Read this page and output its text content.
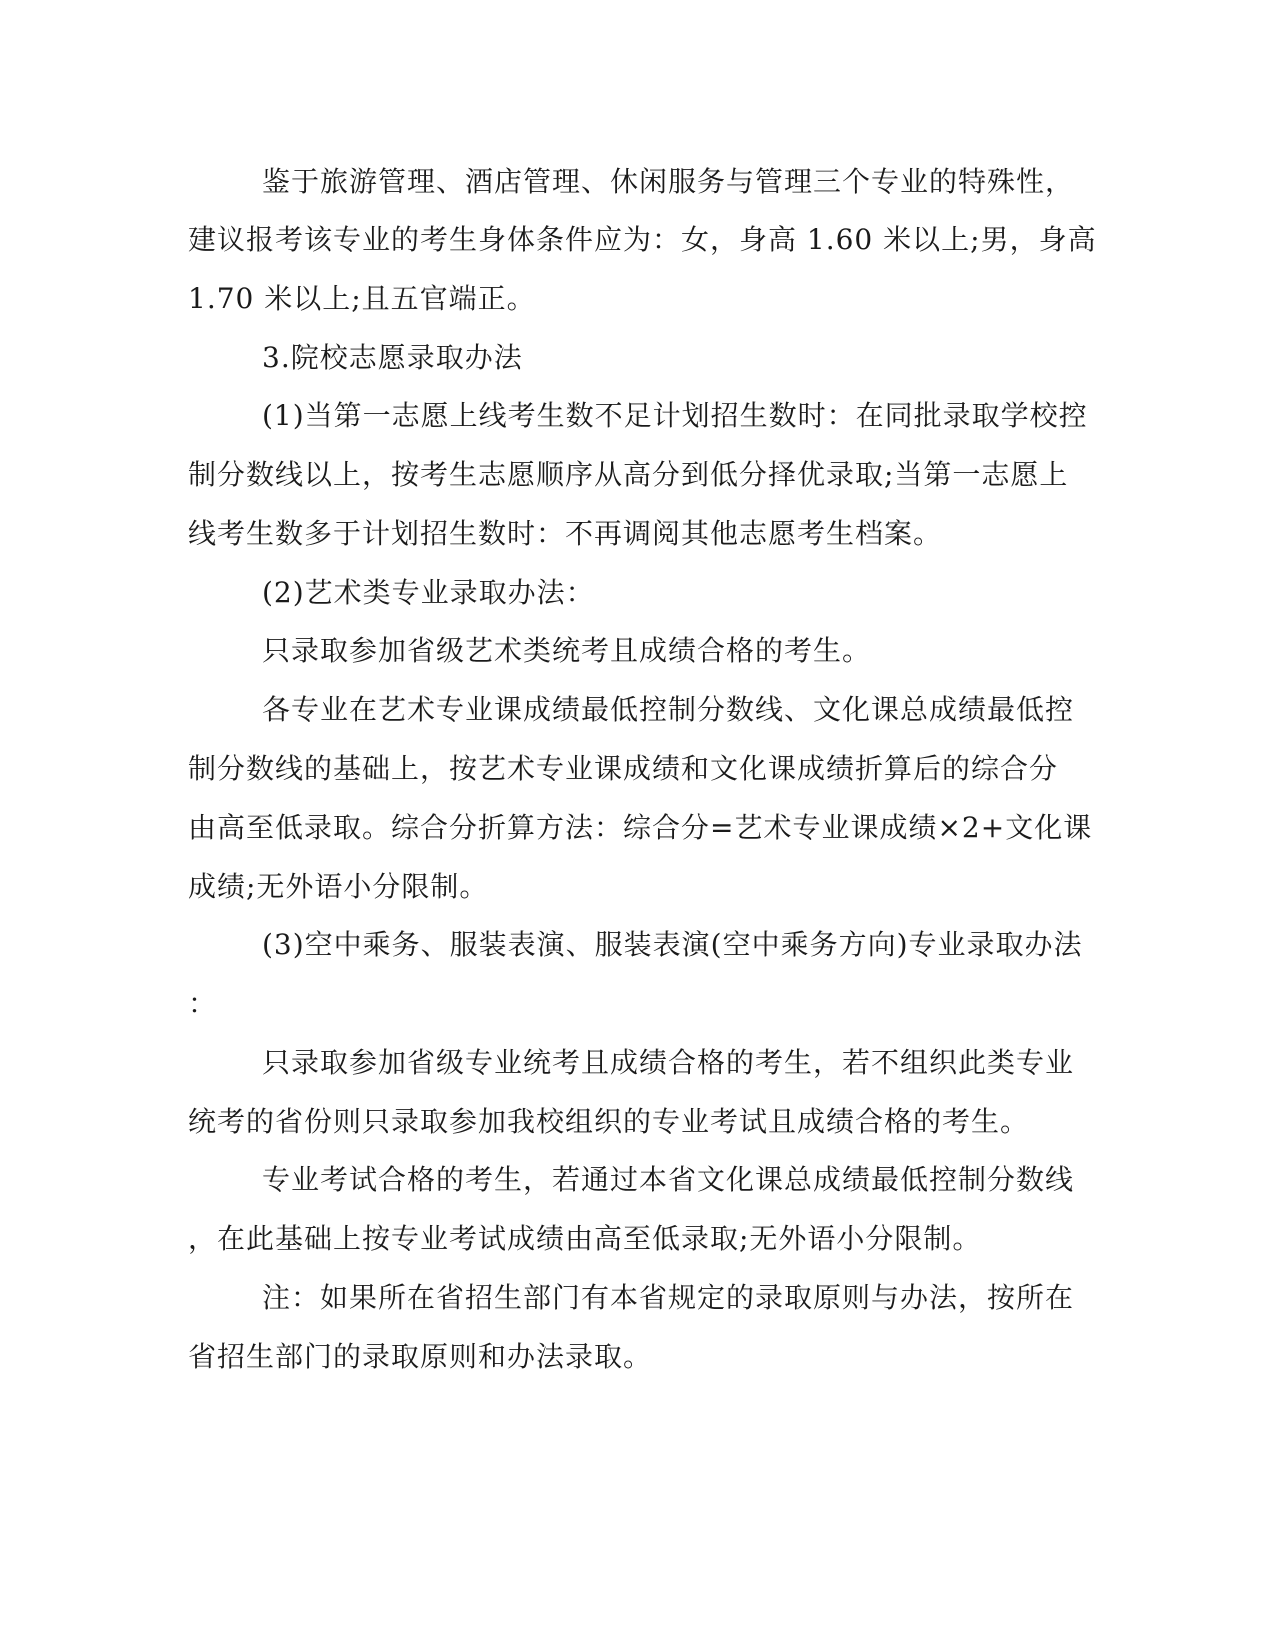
鉴于旅游管理、酒店管理、休闲服务与管理三个专业的特殊性，
建议报考该专业的考生身体条件应为：女，身高 1.60 米以上;男，身高
1.70 米以上;且五官端正。
3.院校志愿录取办法
(1)当第一志愿上线考生数不足计划招生数时：在同批录取学校控
制分数线以上，按考生志愿顺序从高分到低分择优录取;当第一志愿上
线考生数多于计划招生数时：不再调阅其他志愿考生档案。
(2)艺术类专业录取办法：
只录取参加省级艺术类统考且成绩合格的考生。
各专业在艺术专业课成绩最低控制分数线、文化课总成绩最低控
制分数线的基础上，按艺术专业课成绩和文化课成绩折算后的综合分
由高至低录取。综合分折算方法：综合分=艺术专业课成绩×2+文化课
成绩;无外语小分限制。
(3)空中乘务、服装表演、服装表演(空中乘务方向)专业录取办法
：
只录取参加省级专业统考且成绩合格的考生，若不组织此类专业
统考的省份则只录取参加我校组织的专业考试且成绩合格的考生。
专业考试合格的考生，若通过本省文化课总成绩最低控制分数线
，在此基础上按专业考试成绩由高至低录取;无外语小分限制。
注：如果所在省招生部门有本省规定的录取原则与办法，按所在
省招生部门的录取原则和办法录取。
